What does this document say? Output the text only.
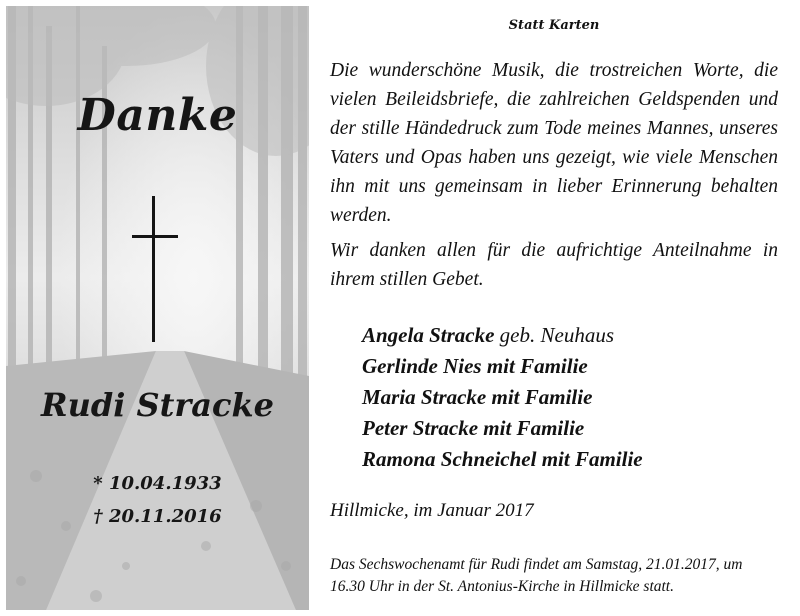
Danke
Rudi Stracke
* 10.04.1933
† 20.11.2016
Statt Karten

Die wunderschöne Musik, die trostreichen Worte, die vielen Beileidsbriefe, die zahlreichen Geldspenden und der stille Händedruck zum Tode meines Mannes, unseres Vaters und Opas haben uns gezeigt, wie viele Menschen ihn mit uns gemeinsam in lieber Erinnerung behalten werden.

Wir danken allen für die aufrichtige Anteilnahme in ihrem stillen Gebet.

Angela Stracke geb. Neuhaus
Gerlinde Nies mit Familie
Maria Stracke mit Familie
Peter Stracke mit Familie
Ramona Schneichel mit Familie
Hillmicke, im Januar 2017

Das Sechswochenamt für Rudi findet am Samstag, 21.01.2017, um 16.30 Uhr in der St. Antonius-Kirche in Hillmicke statt.
